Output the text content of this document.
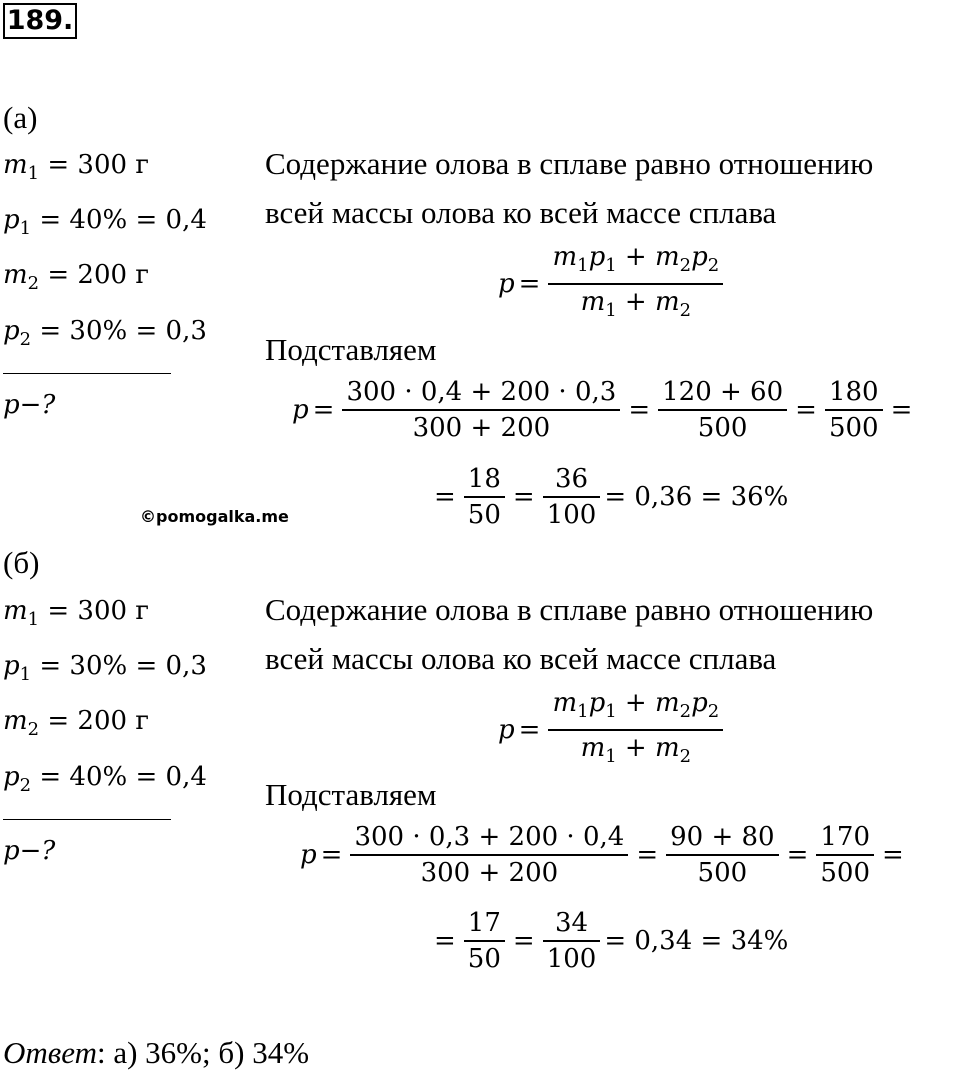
189.
(а)
$m_1 = 300$ г
$p_1 = 40\% = 0,4$
$m_2 = 200$ г
$p_2 = 30\% = 0,3$
p−?
Содержание олова в сплаве равно отношению
всей массы олова ко всей массе сплава
$p = \frac{m_1p_1 + m_2p_2}{m_1 + m_2}$
Подставляем
$p = \frac{300 \cdot 0,4 + 200 \cdot 0,3}{300 + 200} = \frac{120 + 60}{500} = \frac{180}{500}$ =
= $\frac{18}{50} = \frac{36}{100} = 0,36 = 36\%$
©pomogalka.me
(б)
$m_1 = 300$ г
$p_1 = 30\% = 0,3$
$m_2 = 200$ г
$p_2 = 40\% = 0,4$
p−?
Содержание олова в сплаве равно отношению
всей массы олова ко всей массе сплава
$p = \frac{m_1p_1 + m_2p_2}{m_1 + m_2}$
Подставляем
$p = \frac{300 \cdot 0,3 + 200 \cdot 0,4}{300 + 200} = \frac{90 + 80}{500} = \frac{170}{500}$ =
= $\frac{17}{50} = \frac{34}{100} = 0,34 = 34\%$
Ответ: а) 36%; б) 34%
